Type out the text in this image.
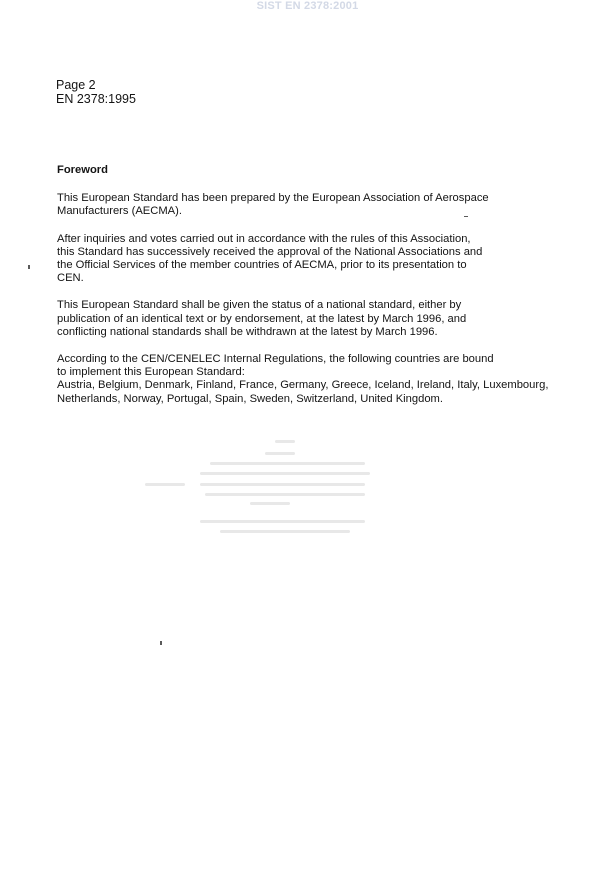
SIST EN 2378:2001
Page 2
EN 2378:1995
Foreword
This European Standard has been prepared by the European Association of Aerospace
Manufacturers (AECMA).
After inquiries and votes carried out in accordance with the rules of this Association,
this Standard has successively received the approval of the National Associations and
the Official Services of the member countries of AECMA, prior to its presentation to
CEN.
This European Standard shall be given the status of a national standard, either by
publication of an identical text or by endorsement, at the latest by March 1996, and
conflicting national standards shall be withdrawn at the latest by March 1996.
According to the CEN/CENELEC Internal Regulations, the following countries are bound
to implement this European Standard:
Austria, Belgium, Denmark, Finland, France, Germany, Greece, Iceland, Ireland, Italy, Luxembourg,
Netherlands, Norway, Portugal, Spain, Sweden, Switzerland, United Kingdom.
